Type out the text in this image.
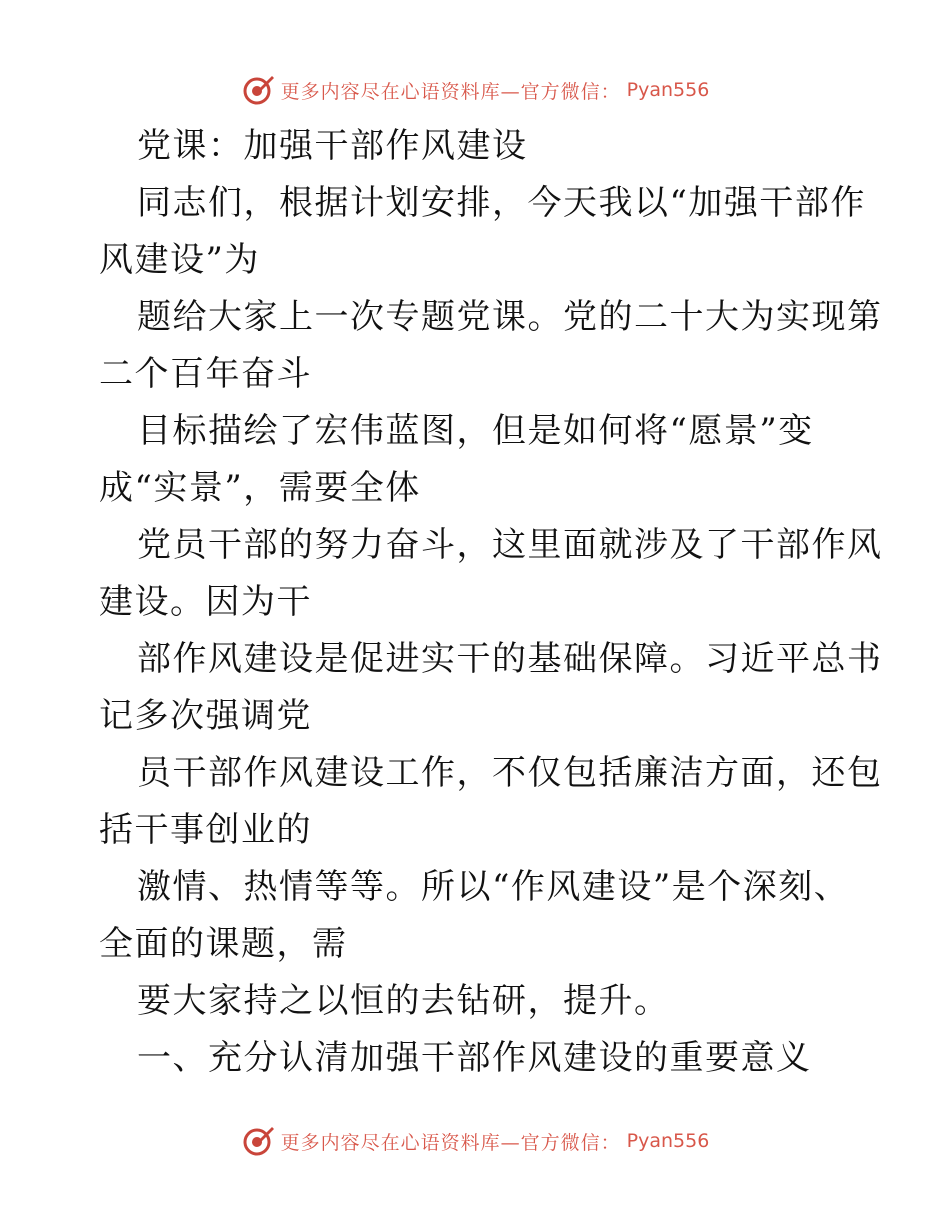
更多内容尽在心语资料库—官方微信： Pyan556
党课：加强干部作风建设
同志们，根据计划安排，今天我以“加强干部作
风建设”为
题给大家上一次专题党课。党的二十大为实现第
二个百年奋斗
目标描绘了宏伟蓝图，但是如何将“愿景”变
成“实景”，需要全体
党员干部的努力奋斗，这里面就涉及了干部作风
建设。因为干
部作风建设是促进实干的基础保障。习近平总书
记多次强调党
员干部作风建设工作，不仅包括廉洁方面，还包
括干事创业的
激情、热情等等。所以“作风建设”是个深刻、
全面的课题，需
要大家持之以恒的去钻研，提升。
一、充分认清加强干部作风建设的重要意义
更多内容尽在心语资料库—官方微信： Pyan556
